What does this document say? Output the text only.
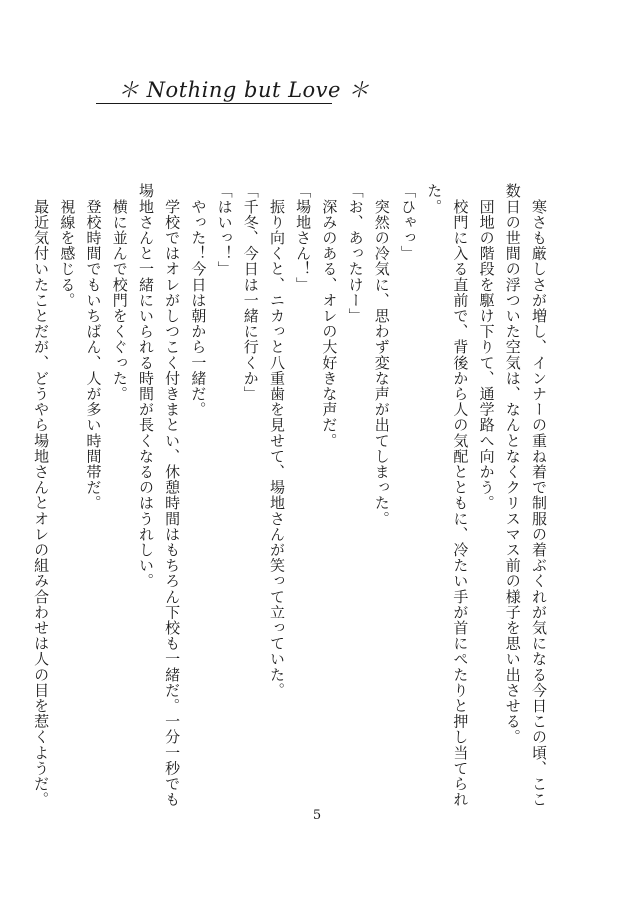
＊ Nothing but Love ＊
　寒さも厳しさが増し、インナーの重ね着で制服の着ぶくれが気になる今日この頃、ここ
数日の世間の浮ついた空気は、なんとなくクリスマス前の様子を思い出させる。
　団地の階段を駆け下りて、通学路へ向かう。
　校門に入る直前で、背後から人の気配とともに、冷たい手が首にぺたりと押し当てられ
た。
「ひゃっ」
　突然の冷気に、思わず変な声が出てしまった。
「お、あったけー」
　深みのある、オレの大好きな声だ。
「場地さん！」
　振り向くと、ニカっと八重歯を見せて、場地さんが笑って立っていた。
「千冬、今日は一緒に行くか」
「はいっ！」
　やった！今日は朝から一緒だ。
　学校ではオレがしつこく付きまとい、休憩時間はもちろん下校も一緒だ。一分一秒でも
場地さんと一緒にいられる時間が長くなるのはうれしい。
　横に並んで校門をくぐった。
　登校時間でもいちばん、人が多い時間帯だ。
　視線を感じる。
　最近気付いたことだが、どうやら場地さんとオレの組み合わせは人の目を惹くようだ。
5
